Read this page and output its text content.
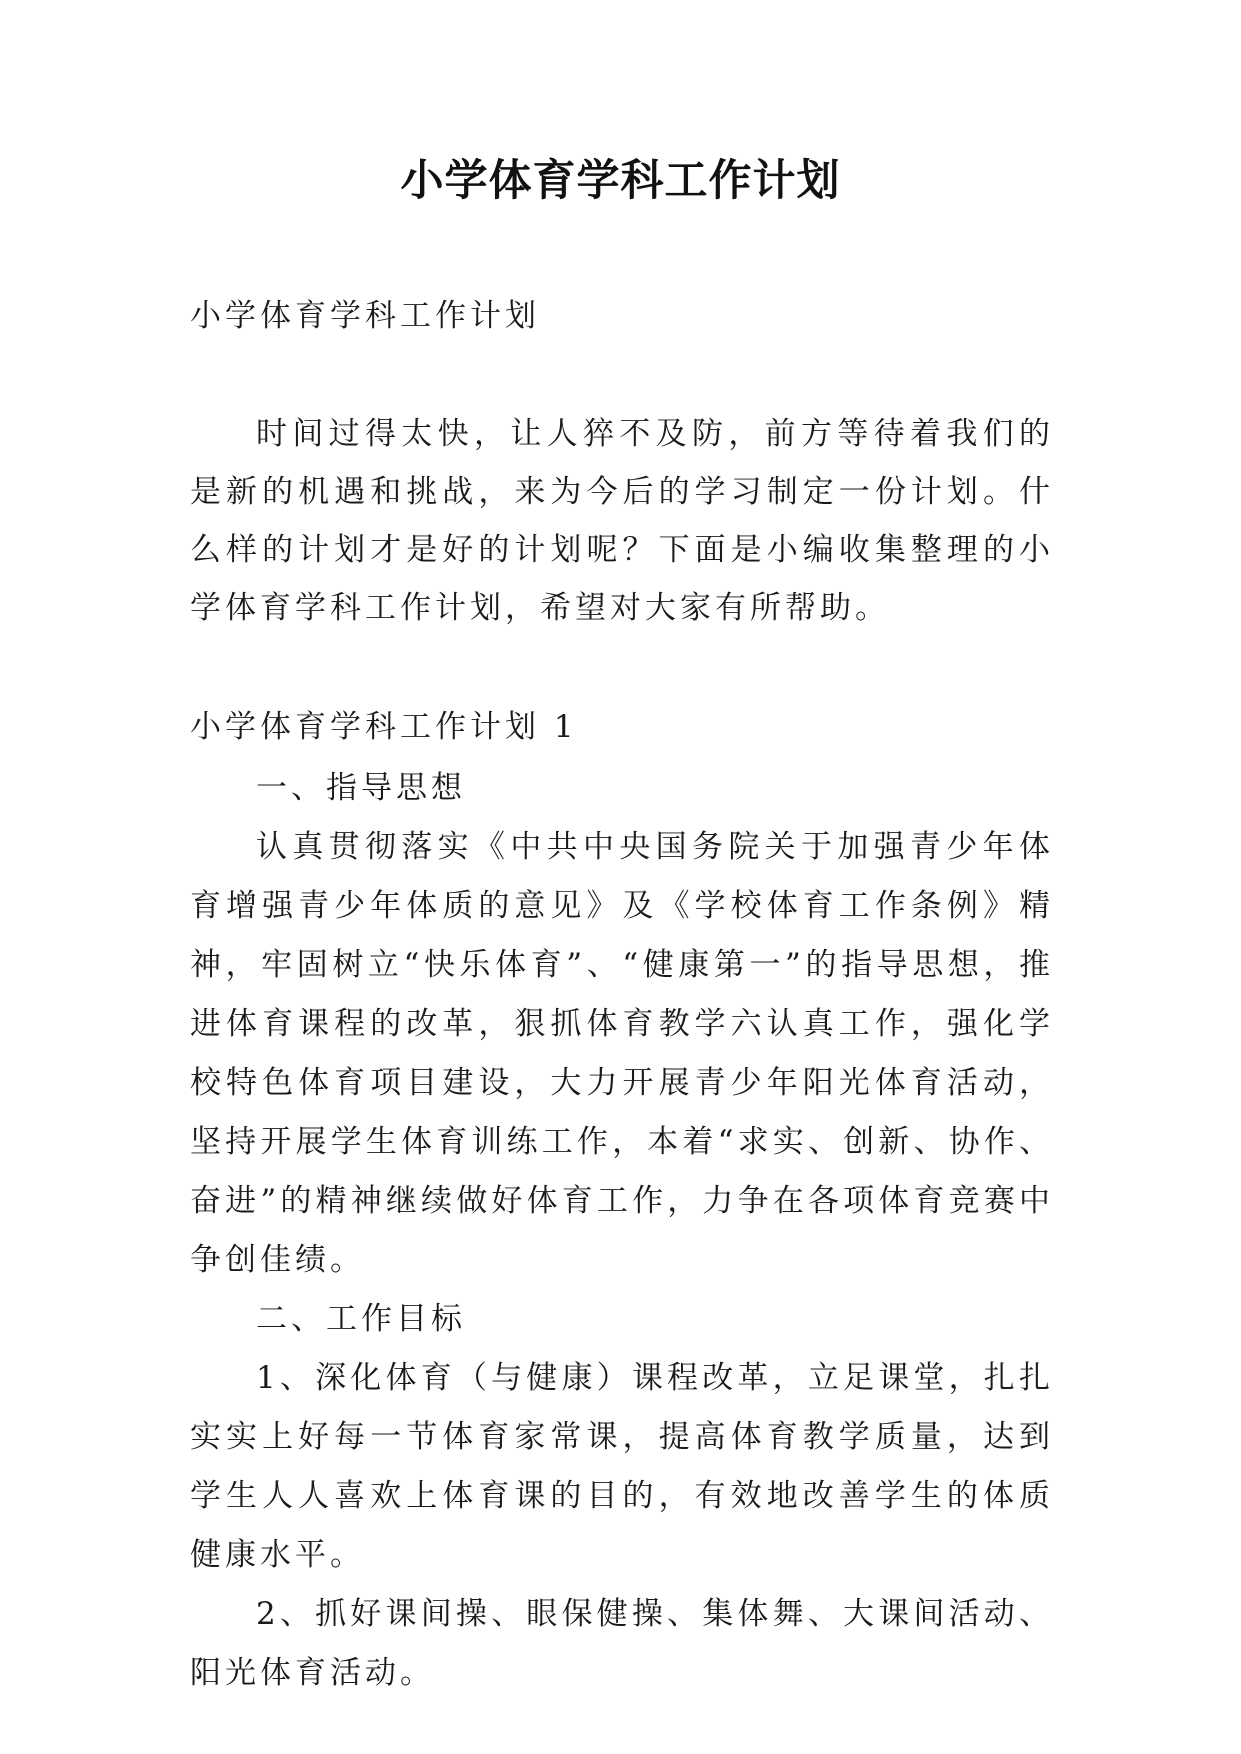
小学体育学科工作计划
小学体育学科工作计划
时间过得太快，让人猝不及防，前方等待着我们的是新的机遇和挑战，来为今后的学习制定一份计划。什么样的计划才是好的计划呢？下面是小编收集整理的小学体育学科工作计划，希望对大家有所帮助。

小学体育学科工作计划 1

一、指导思想

认真贯彻落实《中共中央国务院关于加强青少年体育增强青少年体质的意见》及《学校体育工作条例》精神，牢固树立“快乐体育”、“健康第一”的指导思想，推进体育课程的改革，狠抓体育教学六认真工作，强化学校特色体育项目建设，大力开展青少年阳光体育活动，坚持开展学生体育训练工作，本着“求实、创新、协作、奋进”的精神继续做好体育工作，力争在各项体育竞赛中争创佳绩。

二、工作目标

1、深化体育（与健康）课程改革，立足课堂，扎扎实实上好每一节体育家常课，提高体育教学质量，达到学生人人喜欢上体育课的目的，有效地改善学生的体质健康水平。

2、抓好课间操、眼保健操、集体舞、大课间活动、阳光体育活动。
